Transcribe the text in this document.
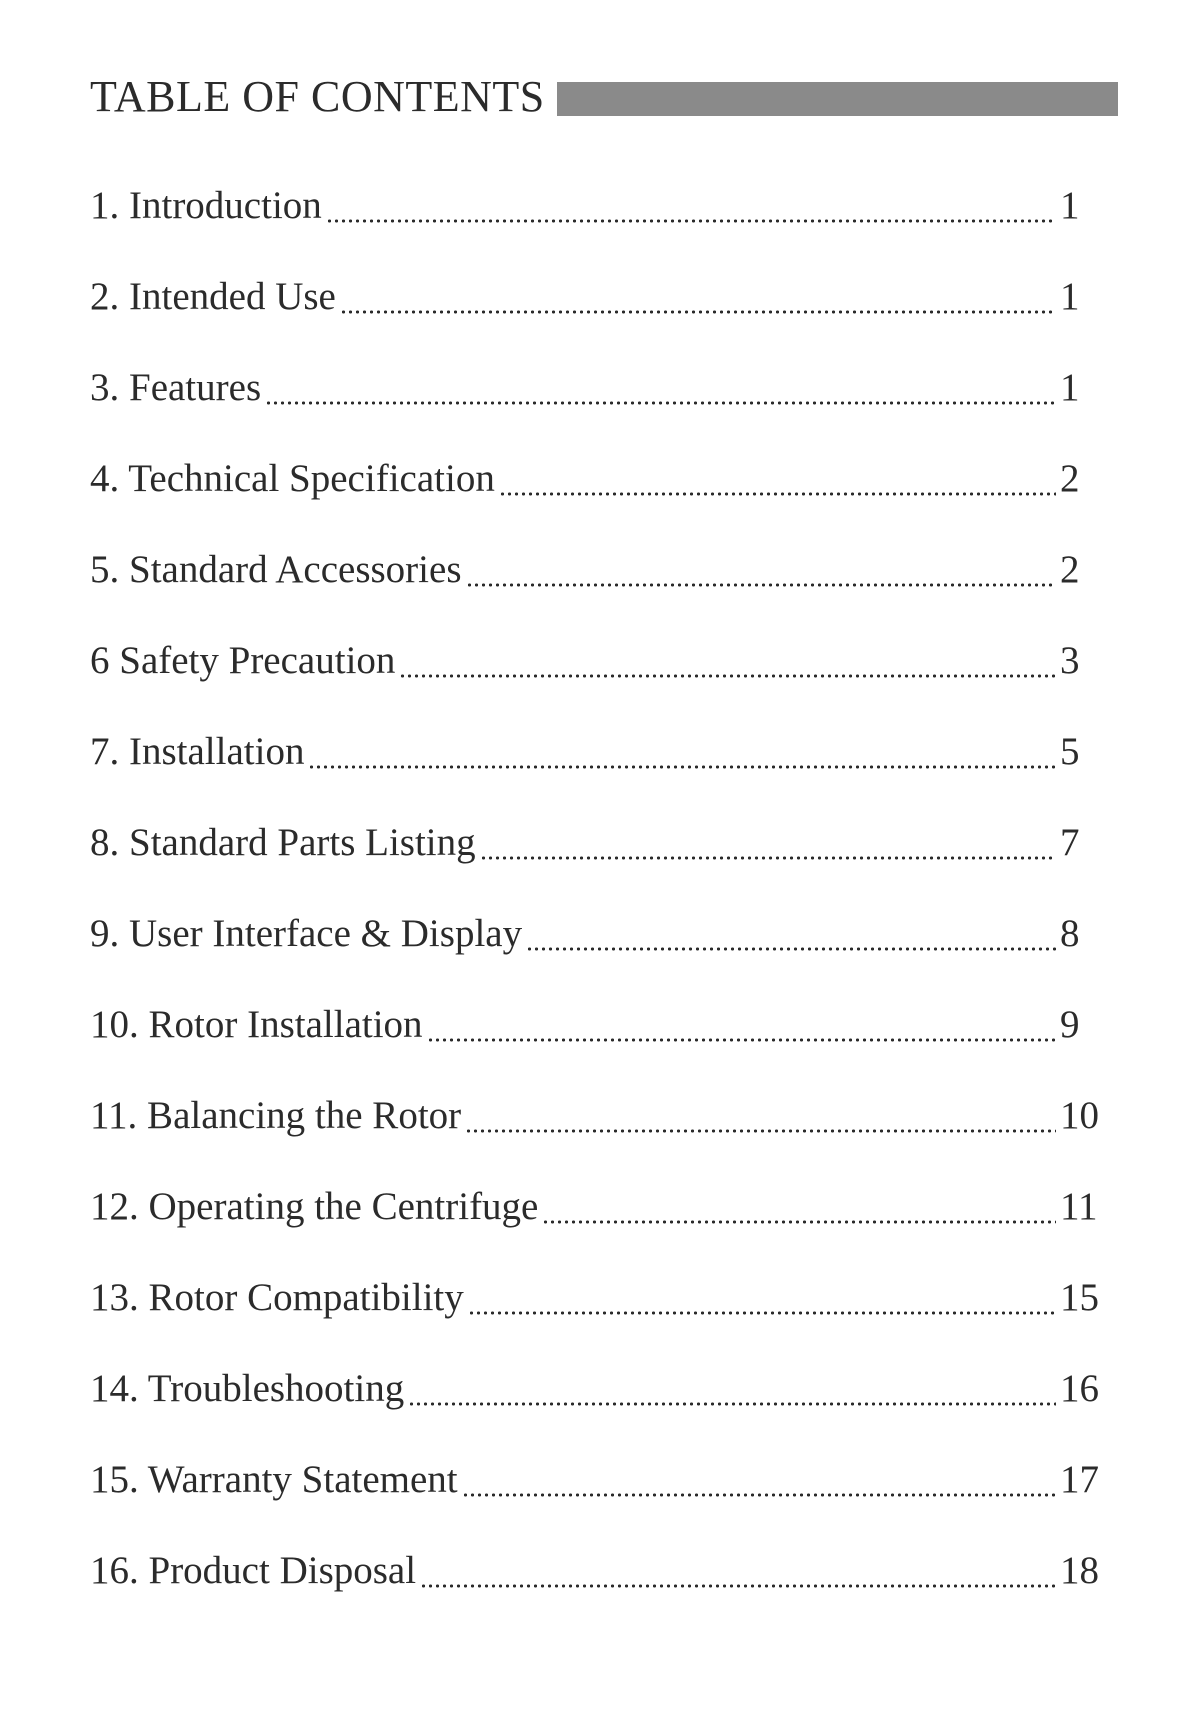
TABLE OF CONTENTS
1. Introduction	1
2. Intended Use	1
3. Features	1
4. Technical Specification	2
5. Standard Accessories	2
6 Safety Precaution	3
7. Installation	5
8. Standard Parts Listing	7
9. User Interface & Display	8
10. Rotor Installation	9
11. Balancing the Rotor	10
12. Operating the Centrifuge	11
13. Rotor Compatibility	15
14. Troubleshooting	16
15. Warranty Statement	17
16. Product Disposal	18
